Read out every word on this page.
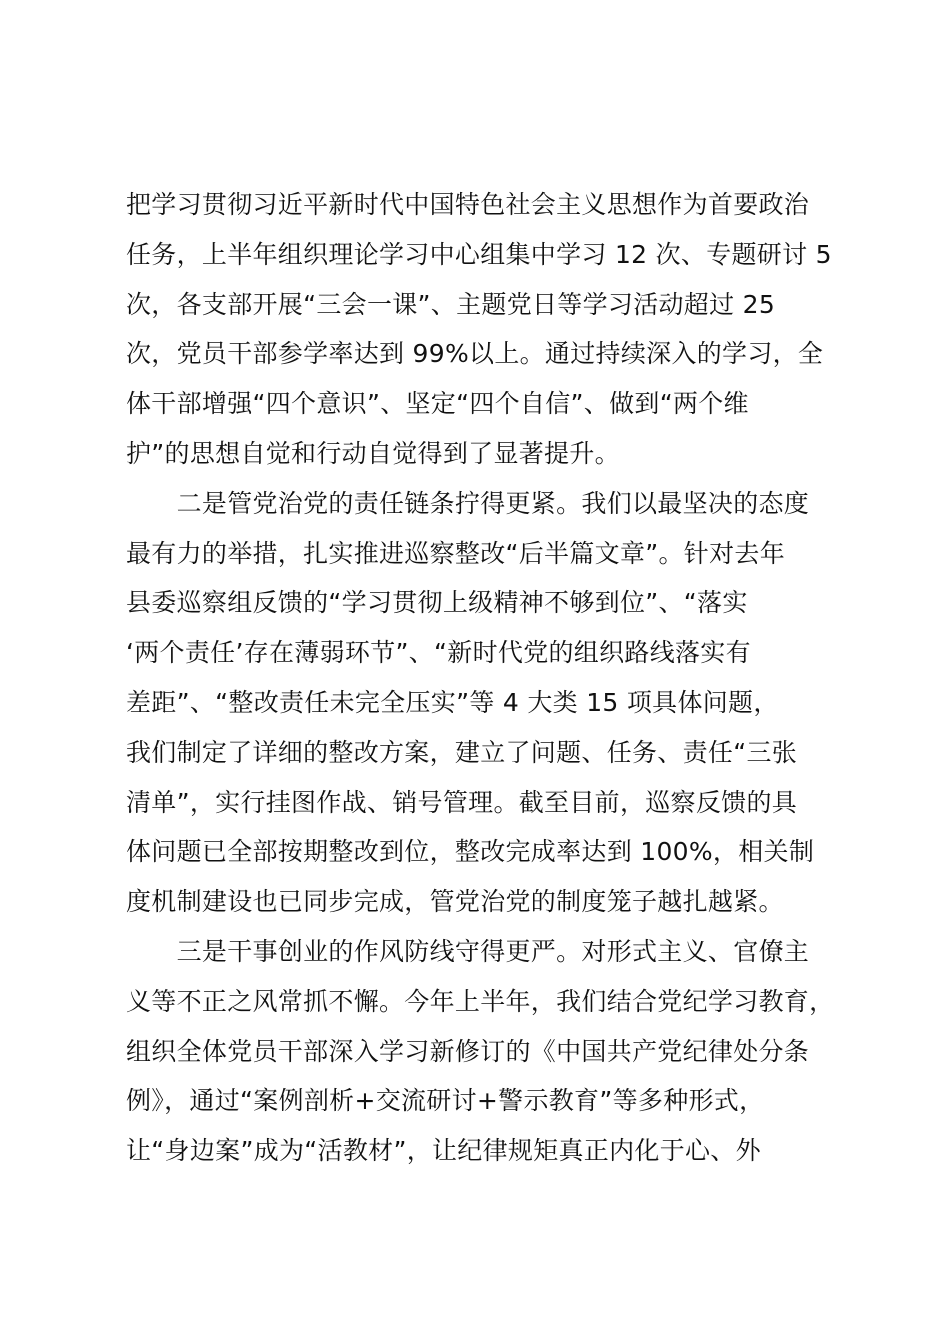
把学习贯彻习近平新时代中国特色社会主义思想作为首要政治
任务，上半年组织理论学习中心组集中学习 12 次、专题研讨 5
次，各支部开展“三会一课”、主题党日等学习活动超过 25
次，党员干部参学率达到 99%以上。通过持续深入的学习，全
体干部增强“四个意识”、坚定“四个自信”、做到“两个维
护”的思想自觉和行动自觉得到了显著提升。
　　二是管党治党的责任链条拧得更紧。我们以最坚决的态度
最有力的举措，扎实推进巡察整改“后半篇文章”。针对去年
县委巡察组反馈的“学习贯彻上级精神不够到位”、“落实
‘两个责任’存在薄弱环节”、“新时代党的组织路线落实有
差距”、“整改责任未完全压实”等 4 大类 15 项具体问题，
我们制定了详细的整改方案，建立了问题、任务、责任“三张
清单”，实行挂图作战、销号管理。截至目前，巡察反馈的具
体问题已全部按期整改到位，整改完成率达到 100%，相关制
度机制建设也已同步完成，管党治党的制度笼子越扎越紧。
　　三是干事创业的作风防线守得更严。对形式主义、官僚主
义等不正之风常抓不懈。今年上半年，我们结合党纪学习教育，
组织全体党员干部深入学习新修订的《中国共产党纪律处分条
例》，通过“案例剖析+交流研讨+警示教育”等多种形式，
让“身边案”成为“活教材”，让纪律规矩真正内化于心、外
